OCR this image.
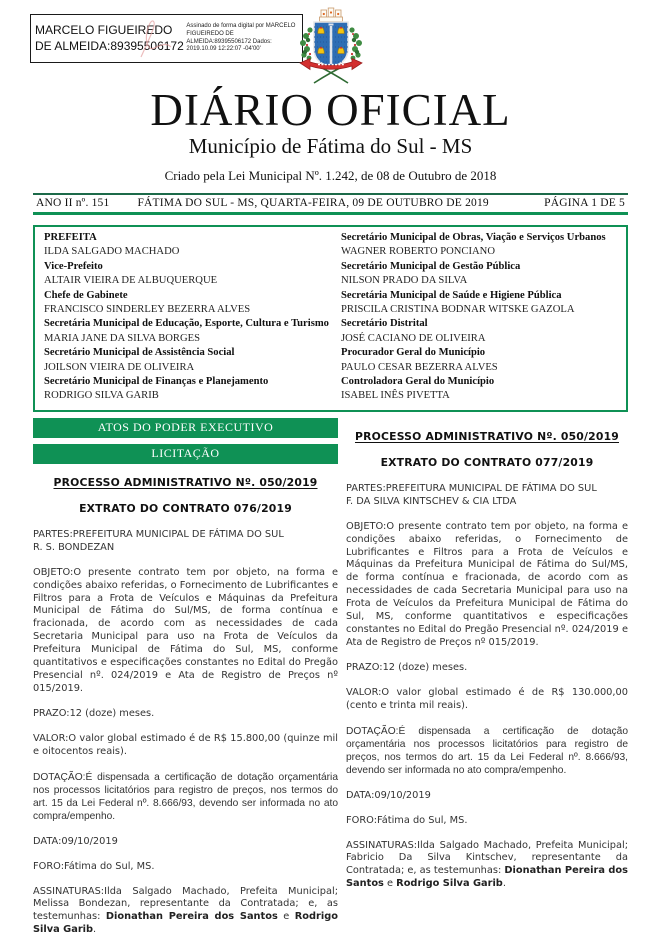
MARCELO FIGUEIREDO DE ALMEIDA:89395506172
Assinado de forma digital por MARCELO FIGUEIREDO DE ALMEIDA:89395506172 Dados: 2019.10.09 12:22:07 -04'00'
DIÁRIO OFICIAL
Município de Fátima do Sul - MS
Criado pela Lei Municipal Nº. 1.242, de 08 de Outubro de 2018
ANO II nº. 151	FÁTIMA DO SUL - MS, QUARTA-FEIRA, 09 DE OUTUBRO DE 2019	PÁGINA 1 DE 5
PREFEITA
ILDA SALGADO MACHADO
Vice-Prefeito
ALTAIR VIEIRA DE ALBUQUERQUE
Chefe de Gabinete
FRANCISCO SINDERLEY BEZERRA ALVES
Secretária Municipal de Educação, Esporte, Cultura e Turismo
MARIA JANE DA SILVA BORGES
Secretário Municipal de Assistência Social
JOILSON VIEIRA DE OLIVEIRA
Secretário Municipal de Finanças e Planejamento
RODRIGO SILVA GARIB
Secretário Municipal de Obras, Viação e Serviços Urbanos
WAGNER ROBERTO PONCIANO
Secretário Municipal de Gestão Pública
NILSON PRADO DA SILVA
Secretária Municipal de Saúde e Higiene Pública
PRISCILA CRISTINA BODNAR WITSKE GAZOLA
Secretário Distrital
JOSÉ CACIANO DE OLIVEIRA
Procurador Geral do Município
PAULO CESAR BEZERRA ALVES
Controladora Geral do Município
ISABEL INÊS PIVETTA
ATOS DO PODER EXECUTIVO
LICITAÇÃO
PROCESSO ADMINISTRATIVO Nº. 050/2019
EXTRATO DO CONTRATO 076/2019

PARTES:PREFEITURA MUNICIPAL DE FÁTIMA DO SUL
R. S. BONDEZAN

OBJETO:O presente contrato tem por objeto, na forma e condições abaixo referidas, o Fornecimento de Lubrificantes e Filtros para a Frota de Veículos e Máquinas da Prefeitura Municipal de Fátima do Sul/MS, de forma contínua e fracionada, de acordo com as necessidades de cada Secretaria Municipal para uso na Frota de Veículos da Prefeitura Municipal de Fátima do Sul, MS, conforme quantitativos e especificações constantes no Edital do Pregão Presencial nº. 024/2019 e Ata de Registro de Preços nº 015/2019.

PRAZO:12 (doze) meses.

VALOR:O valor global estimado é de R$ 15.800,00 (quinze mil e oitocentos reais).

DOTAÇÃO:É dispensada a certificação de dotação orçamentária nos processos licitatórios para registro de preços, nos termos do art. 15 da Lei Federal nº. 8.666/93, devendo ser informada no ato compra/empenho.

DATA:09/10/2019

FORO:Fátima do Sul, MS.

ASSINATURAS:Ilda Salgado Machado, Prefeita Municipal; Melissa Bondezan, representante da Contratada; e, as testemunhas: Dionathan Pereira dos Santos e Rodrigo Silva Garib.

PROCESSO ADMINISTRATIVO Nº. 050/2019
EXTRATO DO CONTRATO 077/2019

PARTES:PREFEITURA MUNICIPAL DE FÁTIMA DO SUL
F. DA SILVA KINTSCHEV & CIA LTDA

OBJETO:O presente contrato tem por objeto, na forma e condições abaixo referidas, o Fornecimento de Lubrificantes e Filtros para a Frota de Veículos e Máquinas da Prefeitura Municipal de Fátima do Sul/MS, de forma contínua e fracionada, de acordo com as necessidades de cada Secretaria Municipal para uso na Frota de Veículos da Prefeitura Municipal de Fátima do Sul, MS, conforme quantitativos e especificações constantes no Edital do Pregão Presencial nº. 024/2019 e Ata de Registro de Preços nº 015/2019.

PRAZO:12 (doze) meses.

VALOR:O valor global estimado é de R$ 130.000,00 (cento e trinta mil reais).

DOTAÇÃO:É dispensada a certificação de dotação orçamentária nos processos licitatórios para registro de preços, nos termos do art. 15 da Lei Federal nº. 8.666/93, devendo ser informada no ato compra/empenho.

DATA:09/10/2019

FORO:Fátima do Sul, MS.

ASSINATURAS:Ilda Salgado Machado, Prefeita Municipal; Fabricio Da Silva Kintschev, representante da Contratada; e, as testemunhas: Dionathan Pereira dos Santos e Rodrigo Silva Garib.
